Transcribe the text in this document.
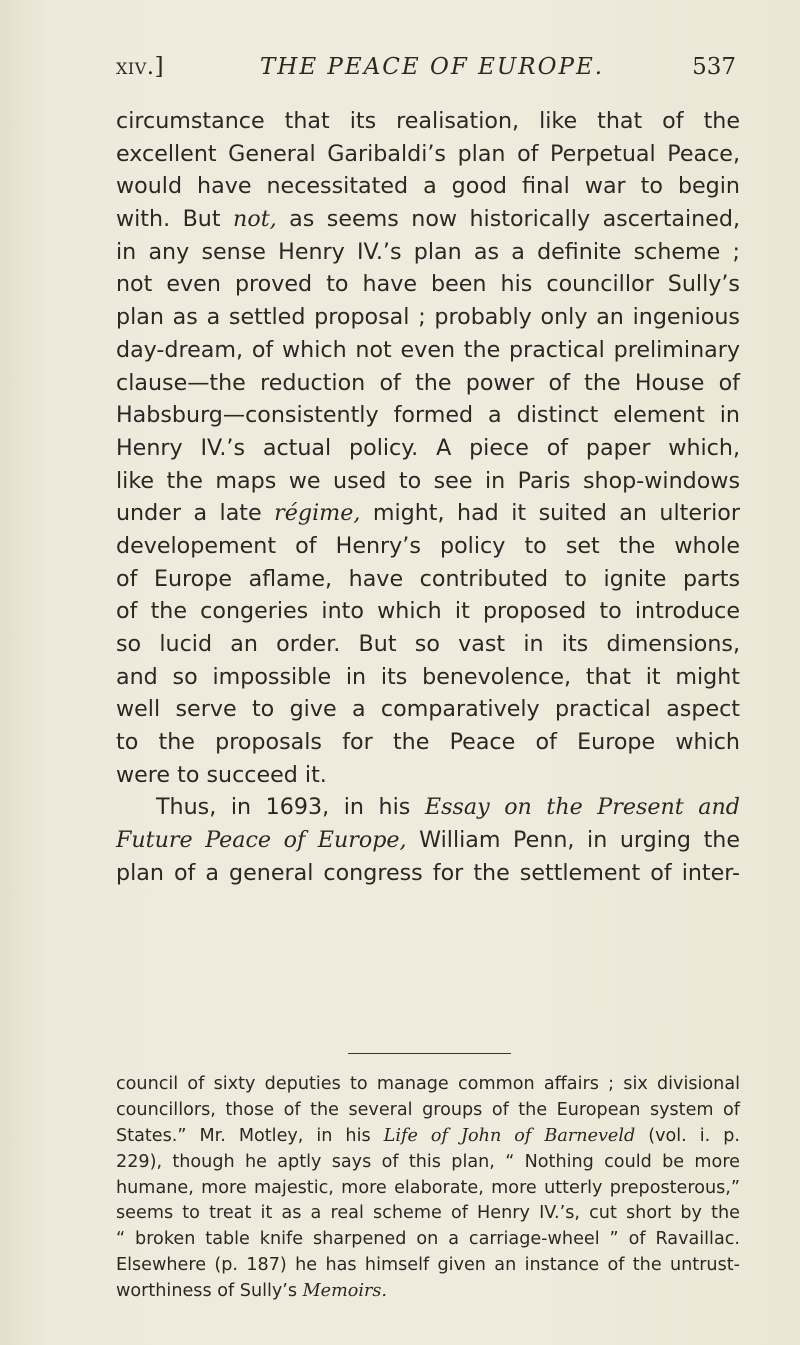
xiv.]	THE PEACE OF EUROPE.	537
circumstance that its realisation, like that of the
excellent General Garibaldi’s plan of Perpetual Peace,
would have necessitated a good final war to begin
with. But not, as seems now historically ascertained,
in any sense Henry IV.’s plan as a definite scheme ;
not even proved to have been his councillor Sully’s
plan as a settled proposal ; probably only an ingenious
day-dream, of which not even the practical preliminary
clause—the reduction of the power of the House of
Habsburg—consistently formed a distinct element in
Henry IV.’s actual policy. A piece of paper which,
like the maps we used to see in Paris shop-windows
under a late régime, might, had it suited an ulterior
developement of Henry’s policy to set the whole
of Europe aflame, have contributed to ignite parts
of the congeries into which it proposed to introduce
so lucid an order. But so vast in its dimensions,
and so impossible in its benevolence, that it might
well serve to give a comparatively practical aspect
to the proposals for the Peace of Europe which
were to succeed it.
Thus, in 1693, in his Essay on the Present and
Future Peace of Europe, William Penn, in urging the
plan of a general congress for the settlement of inter-
council of sixty deputies to manage common affairs ; six divisional
councillors, those of the several groups of the European system of
States.” Mr. Motley, in his Life of John of Barneveld (vol. i. p.
229), though he aptly says of this plan, “ Nothing could be more
humane, more majestic, more elaborate, more utterly preposterous,”
seems to treat it as a real scheme of Henry IV.’s, cut short by the
“ broken table knife sharpened on a carriage-wheel ” of Ravaillac.
Elsewhere (p. 187) he has himself given an instance of the untrust-
worthiness of Sully’s Memoirs.
